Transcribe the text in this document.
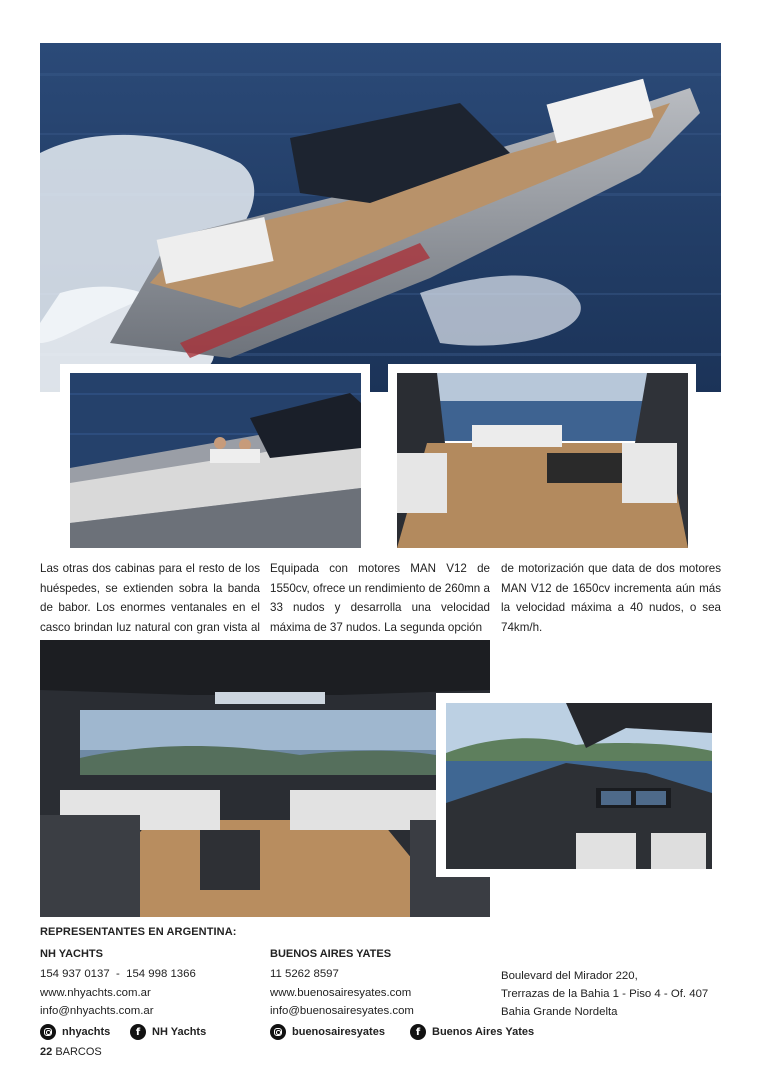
Las otras dos cabinas para el resto de los huéspedes, se extienden sobra la banda de babor. Los enormes ventanales en el casco brindan luz natural con gran vista al
Equipada con motores MAN V12 de 1550cv, ofrece un rendimiento de 260mn a 33 nudos y desarrolla una velocidad máxima de 37 nudos. La segunda opción
de motorización que data de dos motores MAN V12 de 1650cv incrementa aún más la velocidad máxima a 40 nudos, o sea 74km/h.
REPRESENTANTES EN ARGENTINA:
NH YACHTS
154 937 0137  -  154 998 1366
www.nhyachts.com.ar
info@nhyachts.com.ar
BUENOS AIRES YATES
11 5262 8597
www.buenosairesyates.com
info@buenosairesyates.com
Boulevard del Mirador 220,
Trerrazas de la Bahia 1 - Piso 4 - Of. 407
Bahia Grande Nordelta
nhyachts	f	NH Yachts	buenosairesyates	f	Buenos Aires Yates
22 BARCOS
